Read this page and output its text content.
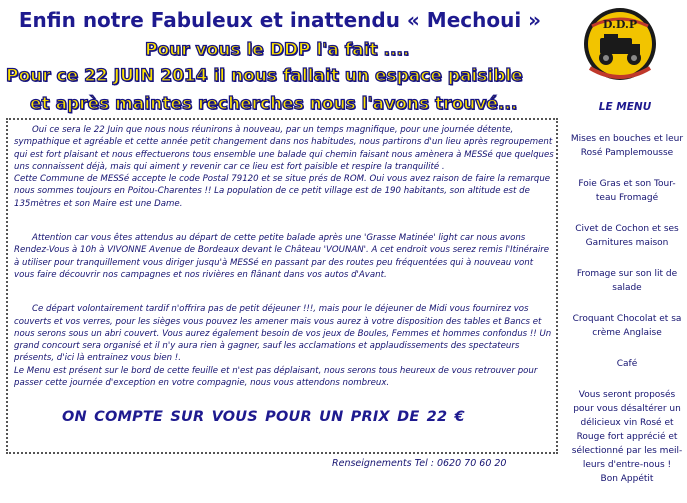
Enfin notre Fabuleux et inattendu « Mechoui »
Pour vous le DDP l'a fait ....
Pour ce 22 JUIN 2014 il nous fallait un espace paisible
et après maintes recherches nous l'avons trouvé...
D.D.P
LE MENU
Mises en bouches et leur
Rosé Pamplemousse
Foie Gras et son Tour-
teau Fromagé
Civet de Cochon et ses
Garnitures maison
Fromage sur son lit de
salade
Croquant Chocolat et sa
crème Anglaise
Café
Vous seront proposés
pour vous désaltérer un
délicieux vin Rosé et
Rouge fort apprécié et
sélectionné par les meil-
leurs d'entre-nous !
Bon Appétit

Oui ce sera le 22 Juin que nous nous réunirons à nouveau, par un temps magnifique, pour une journée détente, sympathique et agréable et cette année petit changement dans nos habitudes, nous partirons d'un lieu après regroupement qui est fort plaisant et nous effectuerons tous ensemble une balade qui chemin faisant nous amènera à MESSé que quelques uns connaissent déjà, mais qui aiment y revenir car ce lieu est fort paisible et respire la tranquilité .
Cette Commune de MESSé accepte le code Postal 79120 et se situe prés de ROM. Oui vous avez raison de faire la remarque nous sommes toujours en Poitou-Charentes !! La population de ce petit village est de 190 habitants, son altitude est de 135mètres et son Maire est une Dame.

Attention car vous êtes attendus au départ de cette petite balade après une 'Grasse Matinée' light car nous avons Rendez-Vous à 10h à VIVONNE Avenue de Bordeaux devant le Château 'VOUNAN'. A cet endroit vous serez remis l'Itinéraire à utiliser pour tranquillement vous diriger jusqu'à MESSé en passant par des routes peu fréquentées qui à nouveau vont vous faire découvrir nos campagnes et nos rivières en flânant dans vos autos d'Avant.

Ce départ volontairement tardif n'offrira pas de petit déjeuner !!!, mais pour le déjeuner de Midi vous fournirez vos couverts et vos verres, pour les sièges vous pouvez les amener mais vous aurez à votre disposition des tables et Bancs et nous serons sous un abri couvert. Vous aurez également besoin de vos jeux de Boules, Femmes et hommes confondus !! Un grand concourt sera organisé et il n'y aura rien à gagner, sauf les acclamations et applaudissements des spectateurs présents, d'ici là entrainez vous bien !.
Le Menu est présent sur le bord de cette feuille et n'est pas déplaisant, nous serons tous heureux de vous retrouver pour passer cette journée d'exception en votre compagnie, nous vous attendons nombreux.

ON COMPTE SUR VOUS POUR UN PRIX DE 22 €
Renseignements Tel : 0620 70 60 20
